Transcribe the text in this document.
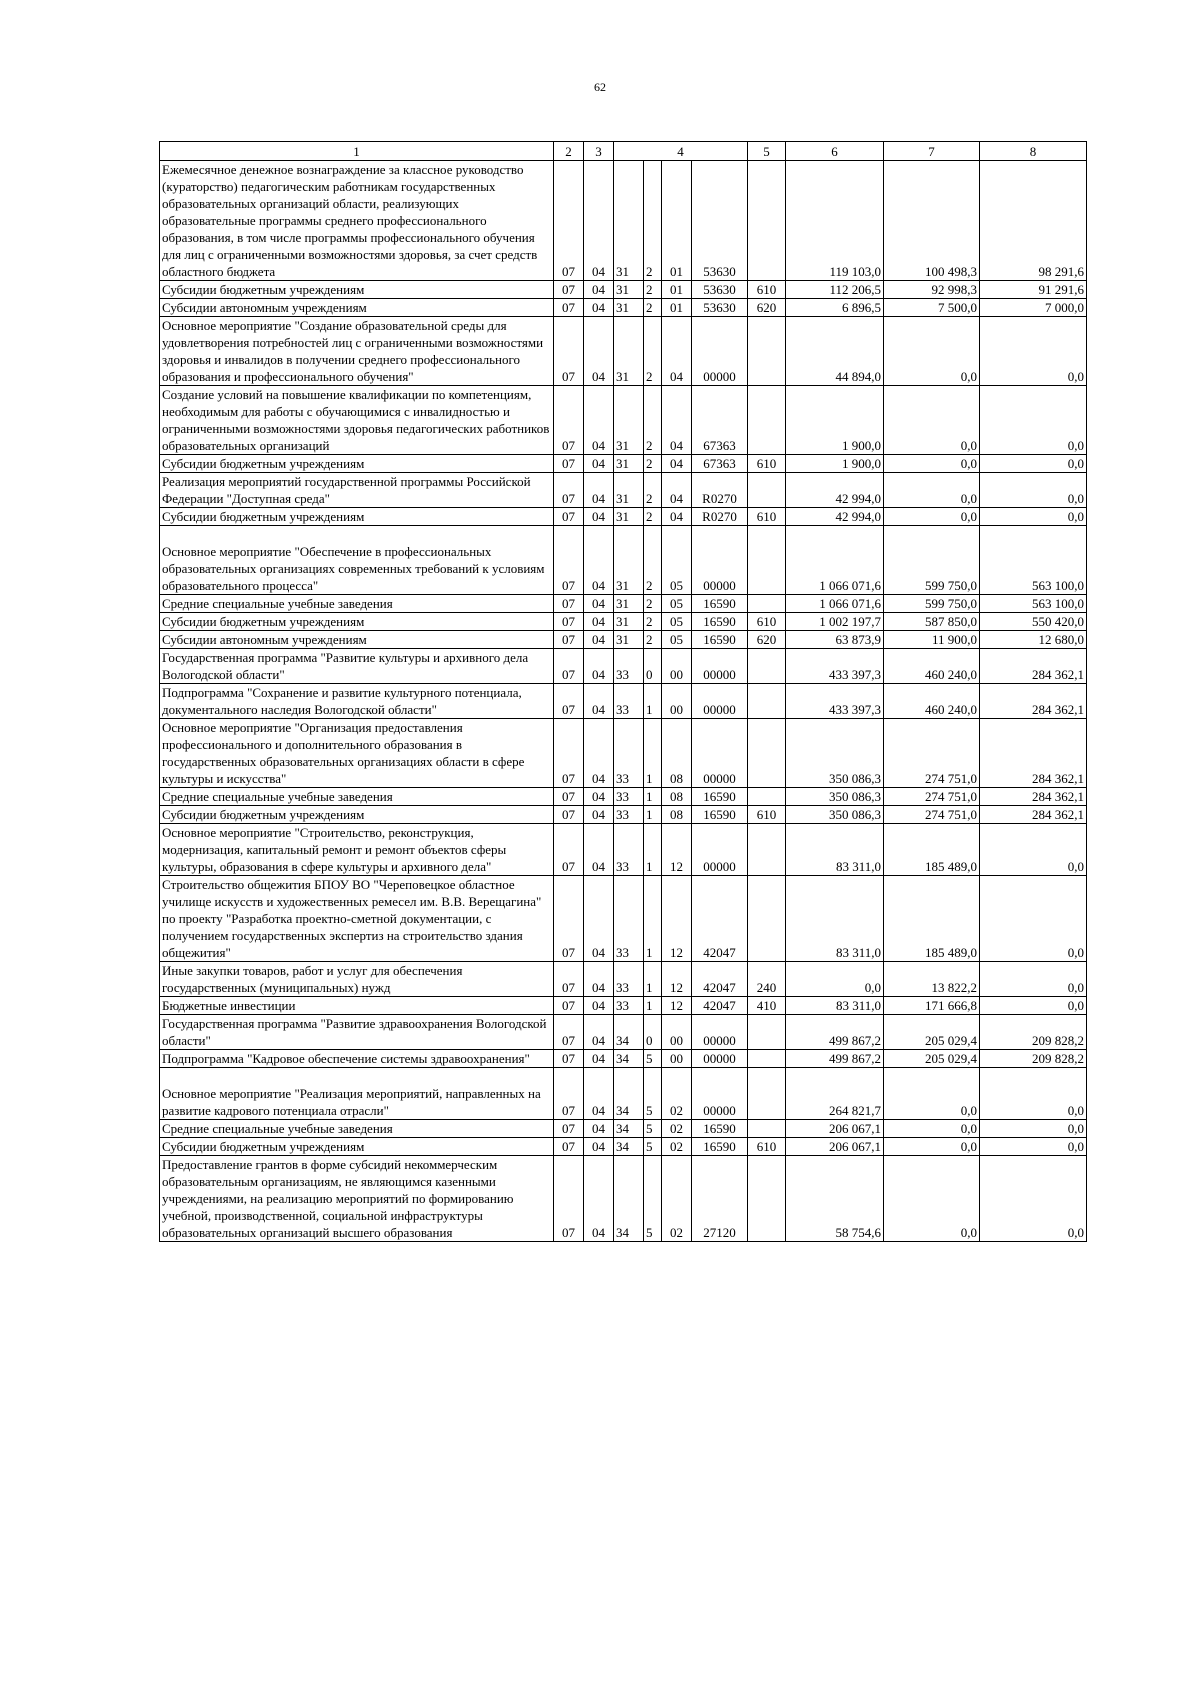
62
1	2	3	4				5	6	7	8
Ежемесячное денежное вознаграждение за классное руководство (кураторство) педагогическим работникам государственных образовательных организаций области, реализующих образовательные программы среднего профессионального образования, в том числе программы профессионального обучения для лиц с ограниченными возможностями здоровья, за счет средств областного бюджета	07	04	31	2	01	53630		119 103,0	100 498,3	98 291,6
Субсидии бюджетным учреждениям	07	04	31	2	01	53630	610	112 206,5	92 998,3	91 291,6
Субсидии автономным учреждениям	07	04	31	2	01	53630	620	6 896,5	7 500,0	7 000,0
Основное мероприятие "Создание образовательной среды для удовлетворения потребностей лиц с ограниченными возможностями здоровья и инвалидов в получении среднего профессионального образования и профессионального обучения"	07	04	31	2	04	00000		44 894,0	0,0	0,0
Создание условий на повышение квалификации по компетенциям, необходимым для работы с обучающимися с инвалидностью и ограниченными возможностями здоровья педагогических работников образовательных организаций	07	04	31	2	04	67363		1 900,0	0,0	0,0
Субсидии бюджетным учреждениям	07	04	31	2	04	67363	610	1 900,0	0,0	0,0
Реализация мероприятий государственной программы Российской Федерации "Доступная среда"	07	04	31	2	04	R0270		42 994,0	0,0	0,0
Субсидии бюджетным учреждениям	07	04	31	2	04	R0270	610	42 994,0	0,0	0,0
Основное мероприятие "Обеспечение в профессиональных образовательных организациях современных требований к условиям образовательного процесса"	07	04	31	2	05	00000		1 066 071,6	599 750,0	563 100,0
Средние специальные учебные заведения	07	04	31	2	05	16590		1 066 071,6	599 750,0	563 100,0
Субсидии бюджетным учреждениям	07	04	31	2	05	16590	610	1 002 197,7	587 850,0	550 420,0
Субсидии автономным учреждениям	07	04	31	2	05	16590	620	63 873,9	11 900,0	12 680,0
Государственная программа "Развитие культуры и архивного дела Вологодской области"	07	04	33	0	00	00000		433 397,3	460 240,0	284 362,1
Подпрограмма "Сохранение и развитие культурного потенциала, документального наследия Вологодской области"	07	04	33	1	00	00000		433 397,3	460 240,0	284 362,1
Основное мероприятие "Организация предоставления профессионального и дополнительного образования в государственных образовательных организациях области в сфере культуры и искусства"	07	04	33	1	08	00000		350 086,3	274 751,0	284 362,1
Средние специальные учебные заведения	07	04	33	1	08	16590		350 086,3	274 751,0	284 362,1
Субсидии бюджетным учреждениям	07	04	33	1	08	16590	610	350 086,3	274 751,0	284 362,1
Основное мероприятие "Строительство, реконструкция, модернизация, капитальный ремонт и ремонт объектов сферы культуры, образования в сфере культуры и архивного дела"	07	04	33	1	12	00000		83 311,0	185 489,0	0,0
Строительство общежития БПОУ ВО "Череповецкое областное училище искусств и художественных ремесел им. В.В. Верещагина" по проекту "Разработка проектно-сметной документации, с получением государственных экспертиз на строительство здания общежития"	07	04	33	1	12	42047		83 311,0	185 489,0	0,0
Иные закупки товаров, работ и услуг для обеспечения государственных (муниципальных) нужд	07	04	33	1	12	42047	240	0,0	13 822,2	0,0
Бюджетные инвестиции	07	04	33	1	12	42047	410	83 311,0	171 666,8	0,0
Государственная программа "Развитие здравоохранения Вологодской области"	07	04	34	0	00	00000		499 867,2	205 029,4	209 828,2
Подпрограмма "Кадровое обеспечение системы здравоохранения"	07	04	34	5	00	00000		499 867,2	205 029,4	209 828,2
Основное мероприятие "Реализация мероприятий, направленных на развитие кадрового потенциала отрасли"	07	04	34	5	02	00000		264 821,7	0,0	0,0
Средние специальные учебные заведения	07	04	34	5	02	16590		206 067,1	0,0	0,0
Субсидии бюджетным учреждениям	07	04	34	5	02	16590	610	206 067,1	0,0	0,0
Предоставление грантов в форме субсидий некоммерческим образовательным организациям, не являющимся казенными учреждениями, на реализацию мероприятий по формированию учебной, производственной, социальной инфраструктуры образовательных организаций высшего образования	07	04	34	5	02	27120		58 754,6	0,0	0,0
